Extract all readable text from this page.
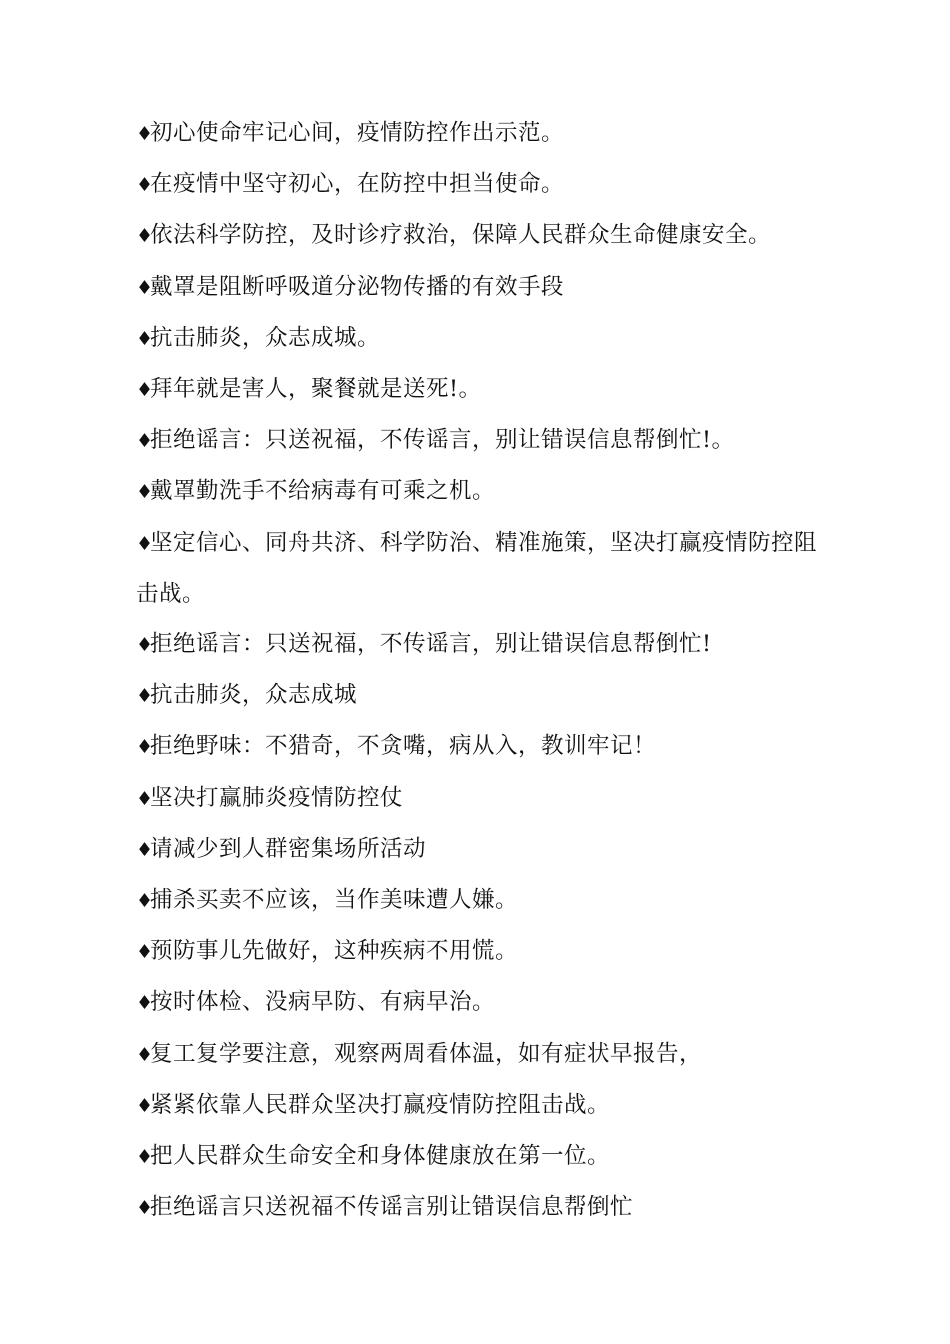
♦初心使命牢记心间，疫情防控作出示范。

♦在疫情中坚守初心，在防控中担当使命。

♦依法科学防控，及时诊疗救治，保障人民群众生命健康安全。

♦戴罩是阻断呼吸道分泌物传播的有效手段

♦抗击肺炎，众志成城。

♦拜年就是害人，聚餐就是送死!。

♦拒绝谣言：只送祝福，不传谣言，别让错误信息帮倒忙!。

♦戴罩勤洗手不给病毒有可乘之机。

♦坚定信心、同舟共济、科学防治、精准施策，坚决打赢疫情防控阻击战。

♦拒绝谣言：只送祝福，不传谣言，别让错误信息帮倒忙!

♦抗击肺炎，众志成城

♦拒绝野味：不猎奇，不贪嘴，病从入，教训牢记！

♦坚决打赢肺炎疫情防控仗

♦请减少到人群密集场所活动

♦捕杀买卖不应该，当作美味遭人嫌。

♦预防事儿先做好，这种疾病不用慌。

♦按时体检、没病早防、有病早治。

♦复工复学要注意，观察两周看体温，如有症状早报告，

♦紧紧依靠人民群众坚决打赢疫情防控阻击战。

♦把人民群众生命安全和身体健康放在第一位。

♦拒绝谣言只送祝福不传谣言别让错误信息帮倒忙
